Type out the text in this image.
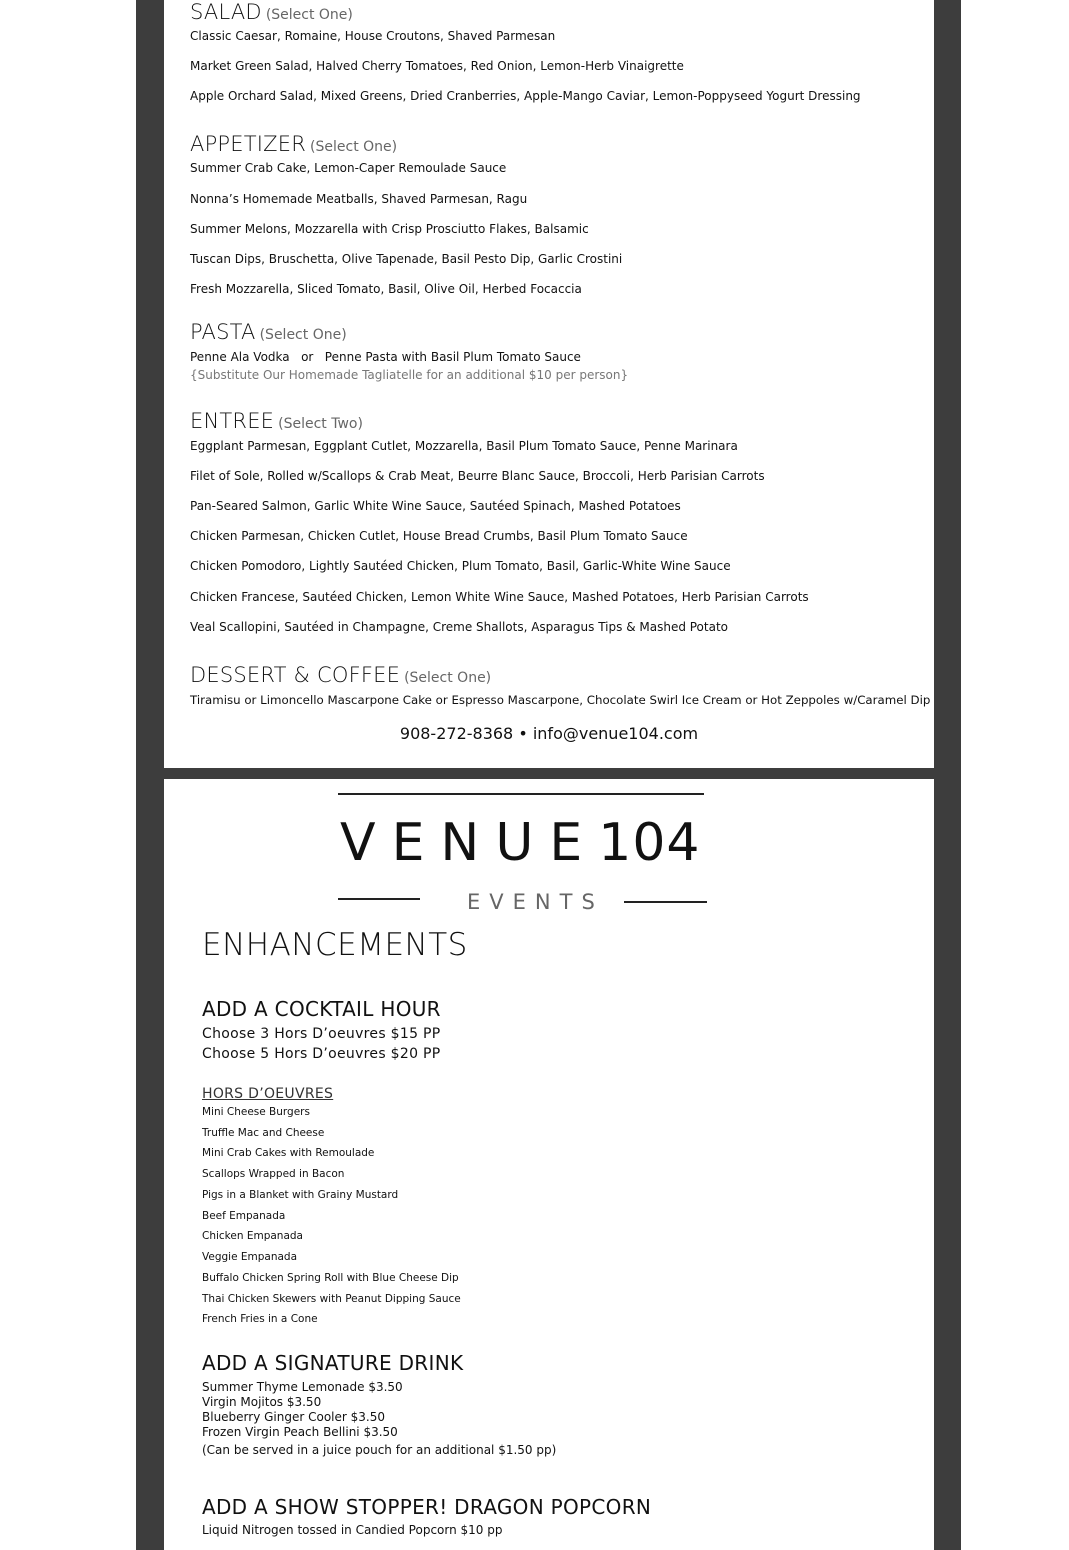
SALAD (Select One)
Classic Caesar, Romaine, House Croutons, Shaved Parmesan
Market Green Salad, Halved Cherry Tomatoes, Red Onion, Lemon-Herb Vinaigrette
Apple Orchard Salad, Mixed Greens, Dried Cranberries, Apple-Mango Caviar, Lemon-Poppyseed Yogurt Dressing
APPETIZER (Select One)
Summer Crab Cake, Lemon-Caper Remoulade Sauce
Nonna’s Homemade Meatballs, Shaved Parmesan, Ragu
Summer Melons, Mozzarella with Crisp Prosciutto Flakes, Balsamic
Tuscan Dips, Bruschetta, Olive Tapenade, Basil Pesto Dip, Garlic Crostini
Fresh Mozzarella, Sliced Tomato, Basil, Olive Oil, Herbed Focaccia
PASTA (Select One)
Penne Ala Vodka   or   Penne Pasta with Basil Plum Tomato Sauce
{Substitute Our Homemade Tagliatelle for an additional $10 per person}
ENTREE (Select Two)
Eggplant Parmesan, Eggplant Cutlet, Mozzarella, Basil Plum Tomato Sauce, Penne Marinara
Filet of Sole, Rolled w/Scallops & Crab Meat, Beurre Blanc Sauce, Broccoli, Herb Parisian Carrots
Pan-Seared Salmon, Garlic White Wine Sauce, Sautéed Spinach, Mashed Potatoes
Chicken Parmesan, Chicken Cutlet, House Bread Crumbs, Basil Plum Tomato Sauce
Chicken Pomodoro, Lightly Sautéed Chicken, Plum Tomato, Basil, Garlic-White Wine Sauce
Chicken Francese, Sautéed Chicken, Lemon White Wine Sauce, Mashed Potatoes, Herb Parisian Carrots
Veal Scallopini, Sautéed in Champagne, Creme Shallots, Asparagus Tips & Mashed Potato
DESSERT & COFFEE (Select One)
Tiramisu or Limoncello Mascarpone Cake or Espresso Mascarpone, Chocolate Swirl Ice Cream or Hot Zeppoles w/Caramel Dip
908-272-8368 • info@venue104.com
VENUE104
EVENTS
ENHANCEMENTS
ADD A COCKTAIL HOUR
Choose 3 Hors D’oeuvres $15 PP
Choose 5 Hors D’oeuvres $20 PP
HORS D’OEUVRES
Mini Cheese Burgers
Truffle Mac and Cheese
Mini Crab Cakes with Remoulade
Scallops Wrapped in Bacon
Pigs in a Blanket with Grainy Mustard
Beef Empanada
Chicken Empanada
Veggie Empanada
Buffalo Chicken Spring Roll with Blue Cheese Dip
Thai Chicken Skewers with Peanut Dipping Sauce
French Fries in a Cone
ADD A SIGNATURE DRINK
Summer Thyme Lemonade $3.50
Virgin Mojitos $3.50
Blueberry Ginger Cooler $3.50
Frozen Virgin Peach Bellini $3.50
(Can be served in a juice pouch for an additional $1.50 pp)
ADD A SHOW STOPPER! DRAGON POPCORN
Liquid Nitrogen tossed in Candied Popcorn $10 pp
